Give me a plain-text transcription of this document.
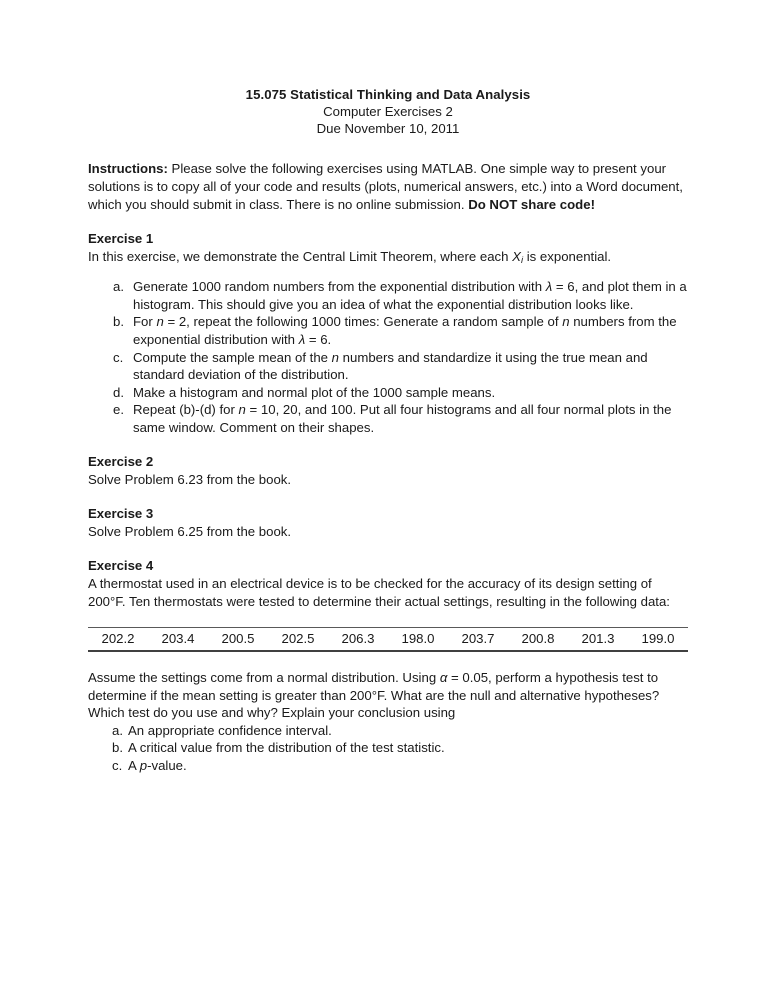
15.075 Statistical Thinking and Data Analysis
Computer Exercises 2
Due November 10, 2011

Instructions: Please solve the following exercises using MATLAB. One simple way to present your solutions is to copy all of your code and results (plots, numerical answers, etc.) into a Word document, which you should submit in class. There is no online submission. Do NOT share code!

Exercise 1

In this exercise, we demonstrate the Central Limit Theorem, where each $X_i$ is exponential.

a. Generate 1000 random numbers from the exponential distribution with λ = 6, and plot them in a histogram. This should give you an idea of what the exponential distribution looks like.
b. For n = 2, repeat the following 1000 times: Generate a random sample of n numbers from the exponential distribution with λ = 6.
c. Compute the sample mean of the n numbers and standardize it using the true mean and standard deviation of the distribution.
d. Make a histogram and normal plot of the 1000 sample means.
e. Repeat (b)-(d) for n = 10, 20, and 100. Put all four histograms and all four normal plots in the same window. Comment on their shapes.
Exercise 2

Solve Problem 6.23 from the book.

Exercise 3

Solve Problem 6.25 from the book.

Exercise 4

A thermostat used in an electrical device is to be checked for the accuracy of its design setting of 200°F. Ten thermostats were tested to determine their actual settings, resulting in the following data:

202.2	203.4	200.5	202.5	206.3	198.0	203.7	200.8	201.3	199.0

Assume the settings come from a normal distribution. Using α = 0.05, perform a hypothesis test to determine if the mean setting is greater than 200°F. What are the null and alternative hypotheses? Which test do you use and why? Explain your conclusion using

a. An appropriate confidence interval.
b. A critical value from the distribution of the test statistic.
c. A p-value.
